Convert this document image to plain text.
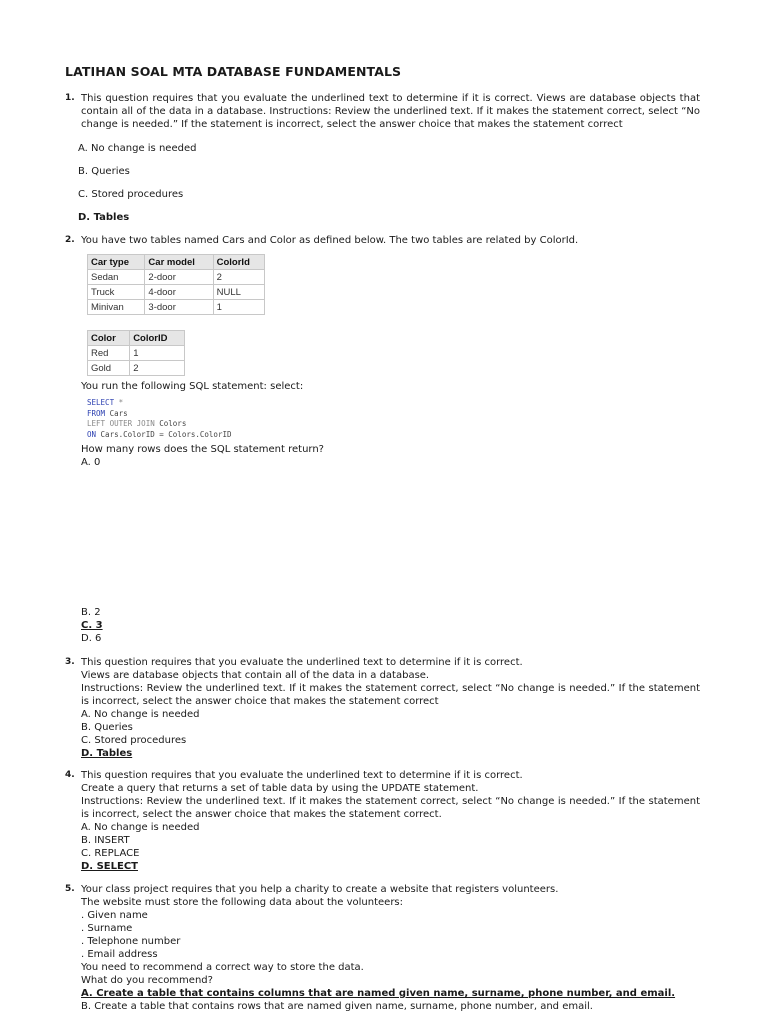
LATIHAN SOAL MTA DATABASE FUNDAMENTALS
1. This question requires that you evaluate the underlined text to determine if it is correct. Views are database objects that contain all of the data in a database. Instructions: Review the underlined text. If it makes the statement correct, select “No change is needed.” If the statement is incorrect, select the answer choice that makes the statement correct
A. No change is needed
B. Queries
C. Stored procedures
D. Tables
2. You have two tables named Cars and Color as defined below. The two tables are related by ColorId.
Car type	Car model	ColorId
Sedan	2-door	2
Truck	4-door	NULL
Minivan	3-door	1
Color	ColorID
Red	1
Gold	2
You run the following SQL statement: select:
SELECT *
FROM Cars
LEFT OUTER JOIN Colors
ON Cars.ColorID = Colors.ColorID
How many rows does the SQL statement return?
A. 0
B. 2
C. 3
D. 6
3. This question requires that you evaluate the underlined text to determine if it is correct.
Views are database objects that contain all of the data in a database.
Instructions: Review the underlined text. If it makes the statement correct, select “No change is needed.” If the statement is incorrect, select the answer choice that makes the statement correct
A. No change is needed
B. Queries
C. Stored procedures
D. Tables
4. This question requires that you evaluate the underlined text to determine if it is correct.
Create a query that returns a set of table data by using the UPDATE statement.
Instructions: Review the underlined text. If it makes the statement correct, select “No change is needed.” If the statement is incorrect, select the answer choice that makes the statement correct.
A. No change is needed
B. INSERT
C. REPLACE
D. SELECT
5. Your class project requires that you help a charity to create a website that registers volunteers.
The website must store the following data about the volunteers:
. Given name
. Surname
. Telephone number
. Email address
You need to recommend a correct way to store the data.
What do you recommend?
A. Create a table that contains columns that are named given name, surname, phone number, and email.
B. Create a table that contains rows that are named given name, surname, phone number, and email.
